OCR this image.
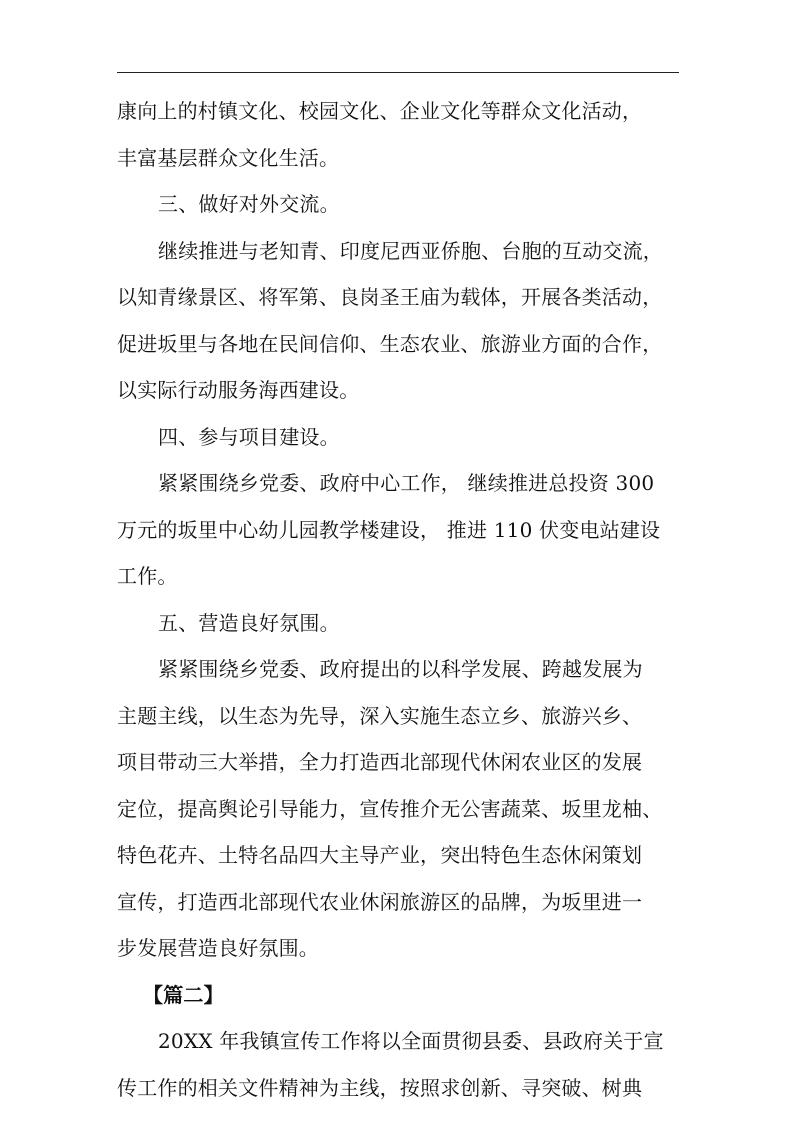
康向上的村镇文化、校园文化、企业文化等群众文化活动，
丰富基层群众文化生活。
三、做好对外交流。
继续推进与老知青、印度尼西亚侨胞、台胞的互动交流，
以知青缘景区、将军第、良岗圣王庙为载体，开展各类活动，
促进坂里与各地在民间信仰、生态农业、旅游业方面的合作，
以实际行动服务海西建设。
四、参与项目建设。
紧紧围绕乡党委、政府中心工作， 继续推进总投资 300
万元的坂里中心幼儿园教学楼建设， 推进 110 伏变电站建设
工作。
五、营造良好氛围。
紧紧围绕乡党委、政府提出的以科学发展、跨越发展为
主题主线，以生态为先导，深入实施生态立乡、旅游兴乡、
项目带动三大举措，全力打造西北部现代休闲农业区的发展
定位，提高舆论引导能力，宣传推介无公害蔬菜、坂里龙柚、
特色花卉、土特名品四大主导产业，突出特色生态休闲策划
宣传，打造西北部现代农业休闲旅游区的品牌，为坂里进一
步发展营造良好氛围。
【篇二】
20XX 年我镇宣传工作将以全面贯彻县委、县政府关于宣
传工作的相关文件精神为主线，按照求创新、寻突破、树典
